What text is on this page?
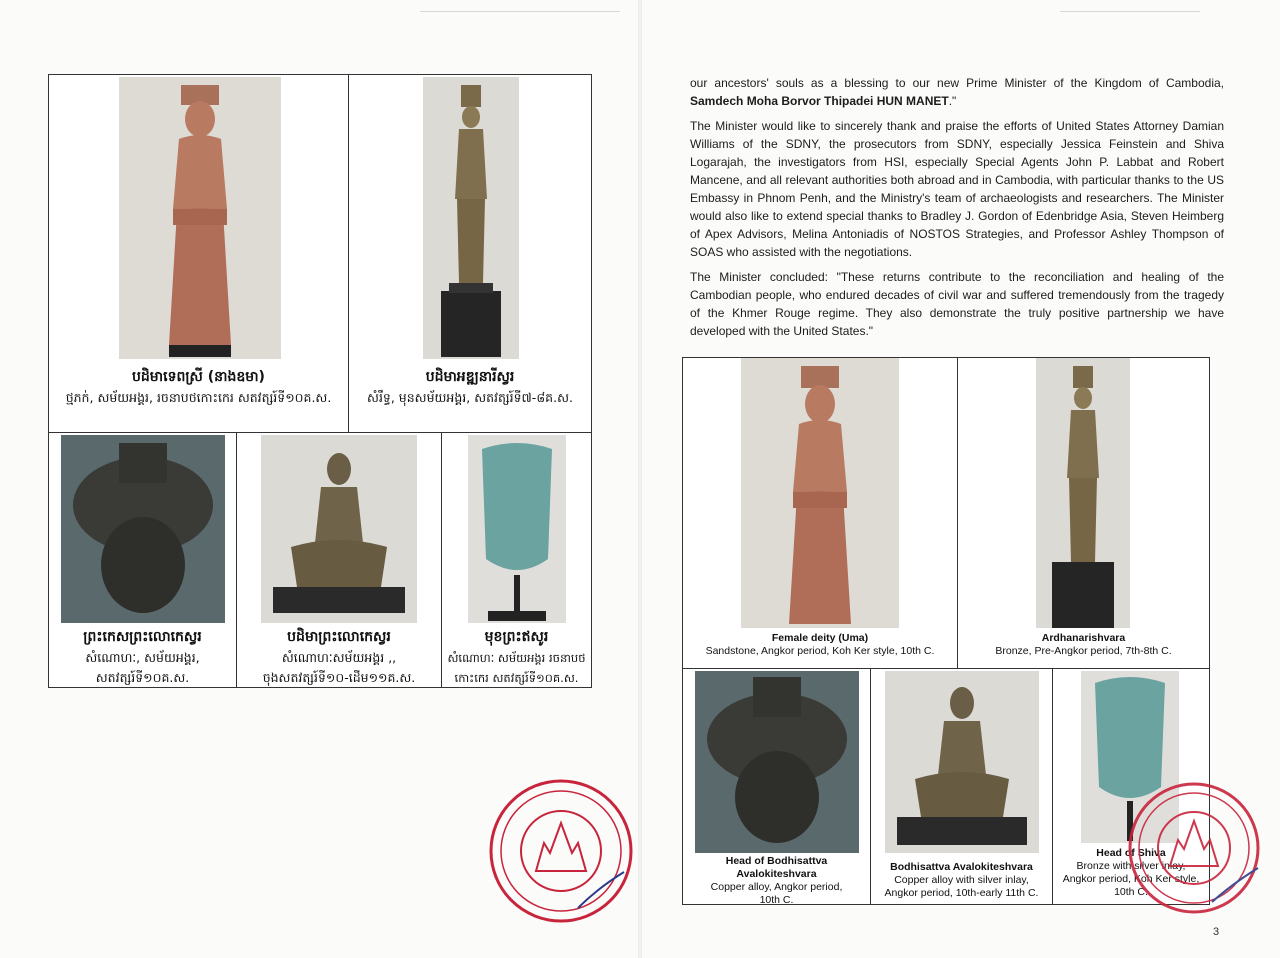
បដិមាទេពស្រី (នាងឧមា)
ថ្មភក់, សម័យអង្គរ, រចនាបថកោះកេរ សតវត្សរ៍ទី១០គ.ស.
បដិមាអឌ្ឍនារីស្វរ
សំរឹទ្ធ, មុនសម័យអង្គរ, សតវត្សរ៍ទី៧-៨គ.ស.
ព្រះកេសព្រះលោកេស្វរ
សំណោហៈ, សម័យអង្គរ,
សតវត្សរ៍ទី១០គ.ស.
បដិមាព្រះលោកេស្វរ
សំណោហៈសម័យអង្គរ ,,
ចុងសតវត្សរ៍ទី១០-ដើម១១គ.ស.
មុខព្រះឥសូរ
សំណោហៈ សម័យអង្គរ រចនាបថ
កោះកេរ សតវត្សរ៍ទី១០គ.ស.

our ancestors' souls as a blessing to our new Prime Minister of the Kingdom of Cambodia, Samdech Moha Borvor Thipadei HUN MANET."

The Minister would like to sincerely thank and praise the efforts of United States Attorney Damian Williams of the SDNY, the prosecutors from SDNY, especially Jessica Feinstein and Shiva Logarajah, the investigators from HSI, especially Special Agents John P. Labbat and Robert Mancene, and all relevant authorities both abroad and in Cambodia, with particular thanks to the US Embassy in Phnom Penh, and the Ministry's team of archaeologists and researchers. The Minister would also like to extend special thanks to Bradley J. Gordon of Edenbridge Asia, Steven Heimberg of Apex Advisors, Melina Antoniadis of NOSTOS Strategies, and Professor Ashley Thompson of SOAS who assisted with the negotiations.

The Minister concluded: "These returns contribute to the reconciliation and healing of the Cambodian people, who endured decades of civil war and suffered tremendously from the tragedy of the Khmer Rouge regime. They also demonstrate the truly positive partnership we have developed with the United States."

Female deity (Uma)
Sandstone, Angkor period, Koh Ker style, 10th C.
Ardhanarishvara
Bronze, Pre-Angkor period, 7th-8th C.
Head of Bodhisattva
Avalokiteshvara
Copper alloy, Angkor period,
10th C.
Bodhisattva Avalokiteshvara
Copper alloy with silver inlay,
Angkor period, 10th-early 11th C.
Head of Shiva
Bronze with silver inlay,
Angkor period, Koh Ker style,
10th C.
3
